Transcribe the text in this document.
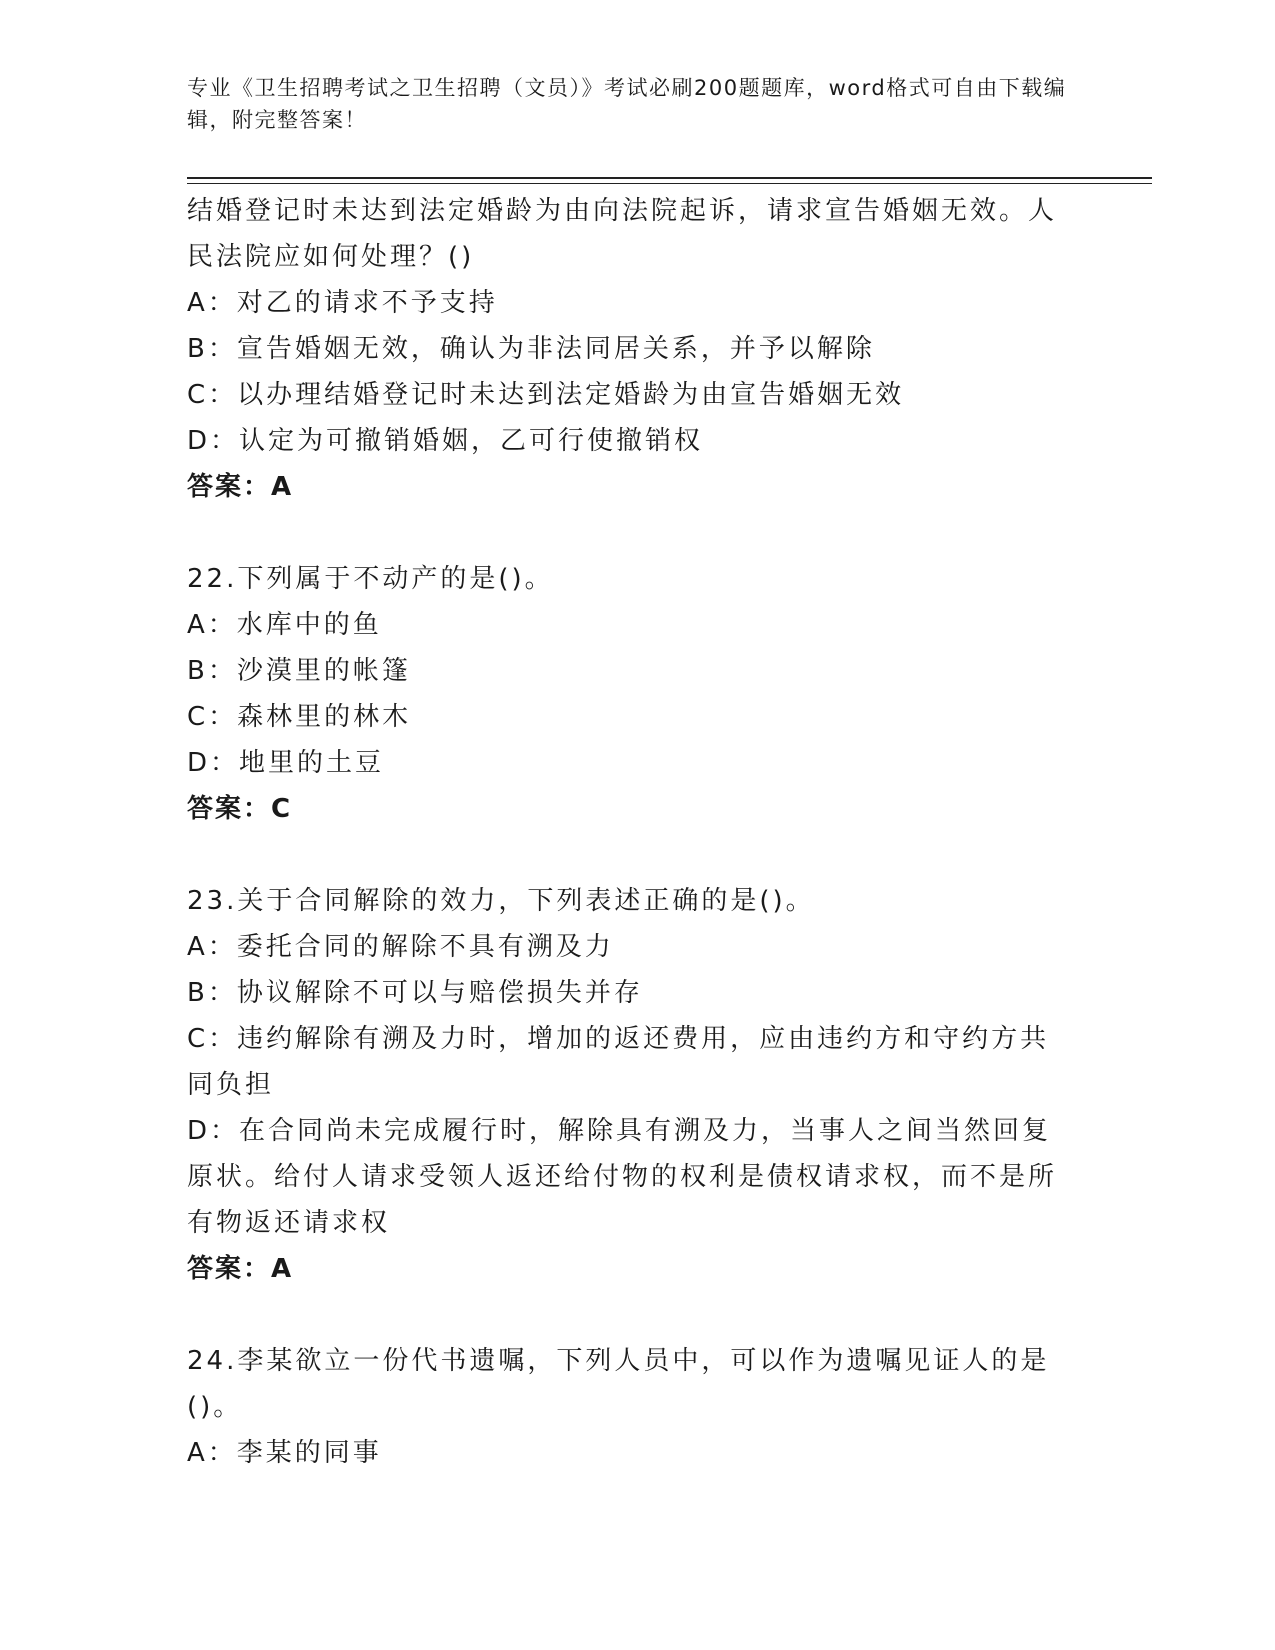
专业《卫生招聘考试之卫生招聘（文员）》考试必刷200题题库，word格式可自由下载编辑，附完整答案！

结婚登记时未达到法定婚龄为由向法院起诉，请求宣告婚姻无效。人民法院应如何处理？()

A：对乙的请求不予支持

B：宣告婚姻无效，确认为非法同居关系，并予以解除

C：以办理结婚登记时未达到法定婚龄为由宣告婚姻无效

D：认定为可撤销婚姻，乙可行使撤销权

答案：A

22.下列属于不动产的是()。

A：水库中的鱼

B：沙漠里的帐篷

C：森林里的林木

D：地里的土豆

答案：C

23.关于合同解除的效力，下列表述正确的是()。

A：委托合同的解除不具有溯及力

B：协议解除不可以与赔偿损失并存

C：违约解除有溯及力时，增加的返还费用，应由违约方和守约方共同负担

D：在合同尚未完成履行时，解除具有溯及力，当事人之间当然回复原状。给付人请求受领人返还给付物的权利是债权请求权，而不是所有物返还请求权

答案：A

24.李某欲立一份代书遗嘱，下列人员中，可以作为遗嘱见证人的是()。

A：李某的同事
